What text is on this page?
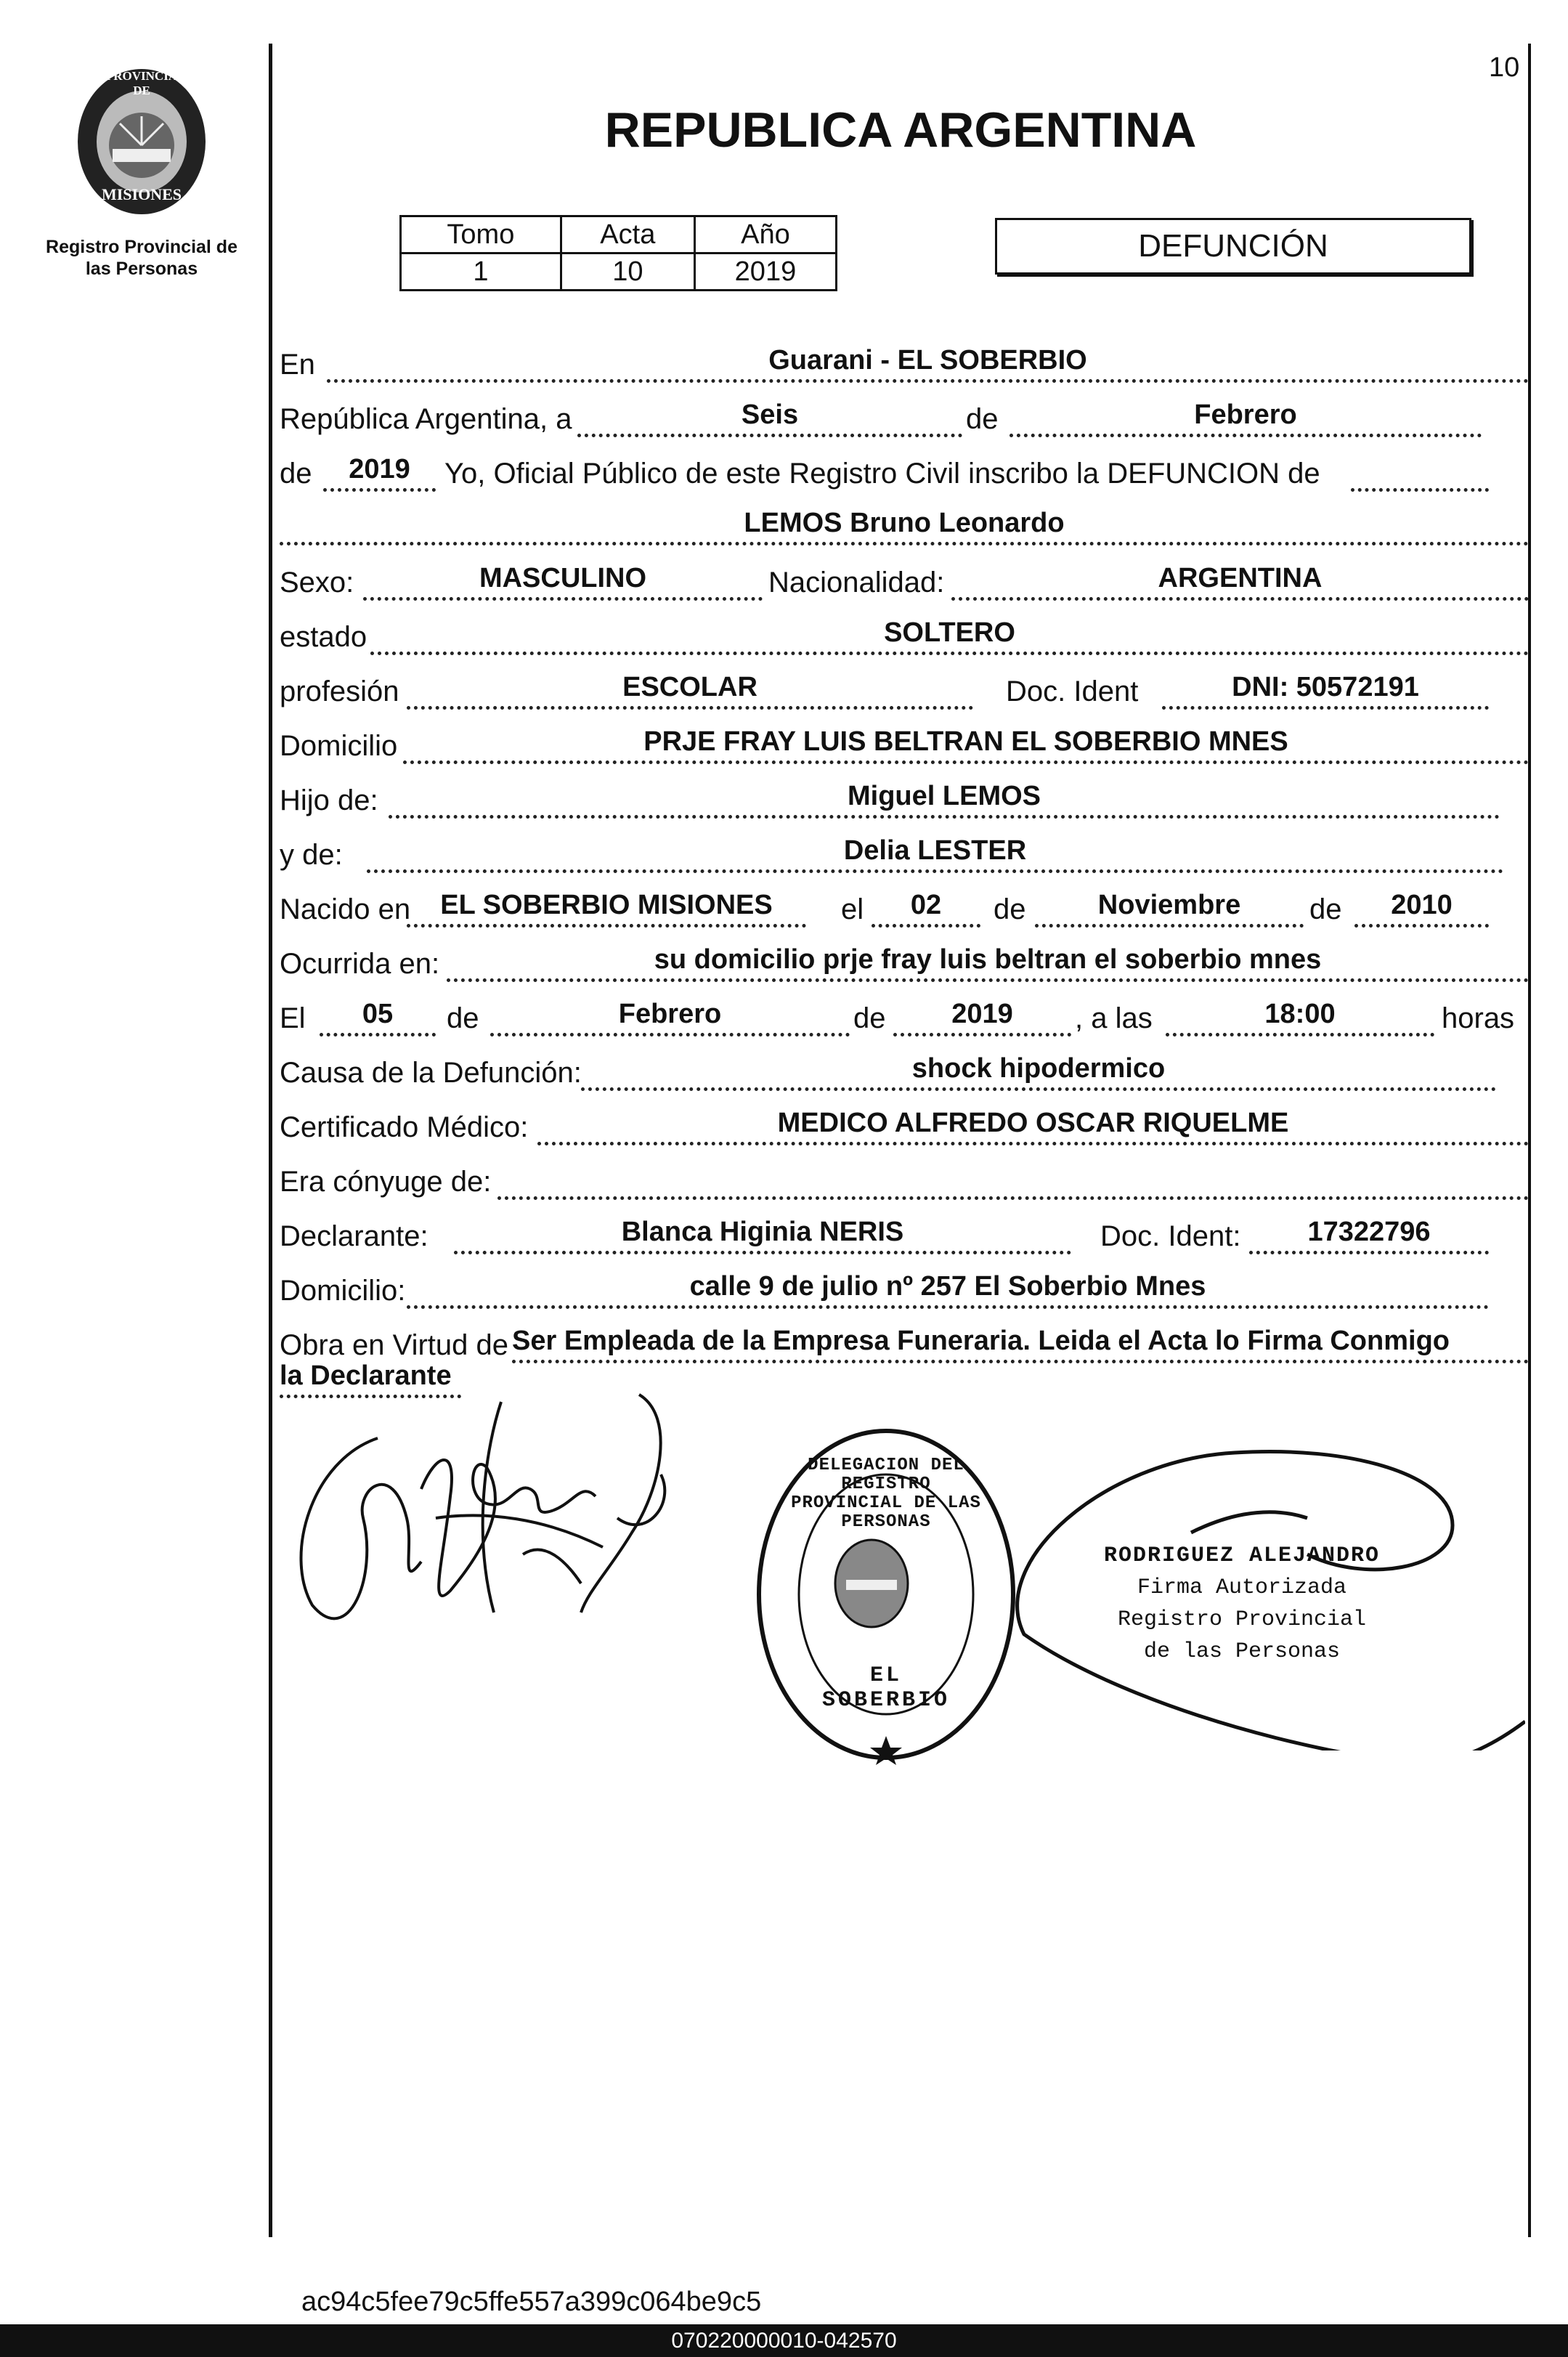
10
PROVINCIA DE
MISIONES
Registro Provincial de
las Personas
REPUBLICA ARGENTINA
Tomo	Acta	Año
1	10	2019
DEFUNCIÓN
En	Guarani - EL SOBERBIO
República Argentina, a	Seis	de	Febrero
de	2019	Yo, Oficial Público de este Registro Civil inscribo la DEFUNCION de
LEMOS Bruno Leonardo
Sexo:	MASCULINO	Nacionalidad:	ARGENTINA
estado	SOLTERO
profesión	ESCOLAR	Doc. Ident	DNI: 50572191
Domicilio	PRJE FRAY LUIS BELTRAN EL SOBERBIO MNES
Hijo de:	Miguel LEMOS
y de:	Delia LESTER
Nacido en	EL SOBERBIO MISIONES	el	02	de	Noviembre	de	2010
Ocurrida en:	su domicilio prje fray luis beltran el soberbio mnes
El	05	de	Febrero	de	2019	, a las	18:00	horas
Causa de la Defunción:	shock hipodermico
Certificado Médico:	MEDICO ALFREDO OSCAR RIQUELME
Era cónyuge de:
Declarante:	Blanca Higinia NERIS	Doc. Ident:	17322796
Domicilio:	calle 9 de julio nº 257 El Soberbio Mnes
Obra en Virtud de Ser Empleada de la Empresa Funeraria. Leida el Acta lo Firma Conmigo
la Declarante
DELEGACION DEL REGISTRO PROVINCIAL DE LAS PERSONAS
EL SOBERBIO
RODRIGUEZ ALEJANDRO
Firma Autorizada
Registro Provincial
de las Personas
ac94c5fee79c5ffe557a399c064be9c5
070220000010-042570
